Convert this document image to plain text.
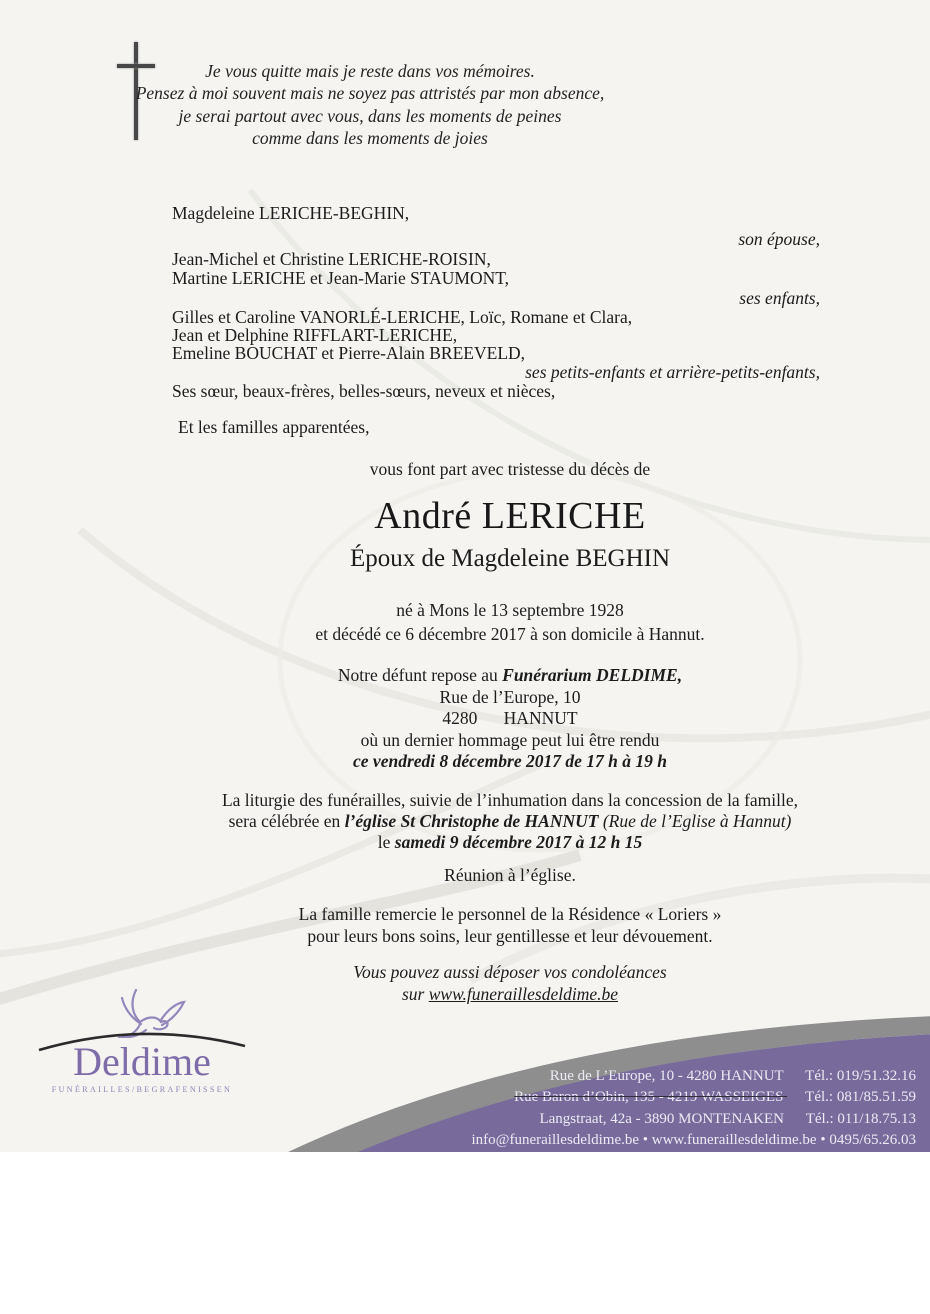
Je vous quitte mais je reste dans vos mémoires.
Pensez à moi souvent mais ne soyez pas attristés par mon absence,
je serai partout avec vous, dans les moments de peines
comme dans les moments de joies
Magdeleine LERICHE-BEGHIN,
son épouse,
Jean-Michel et Christine LERICHE-ROISIN,
Martine LERICHE et Jean-Marie STAUMONT,
ses enfants,
Gilles et Caroline VANORLÉ-LERICHE, Loïc, Romane et Clara,
Jean et Delphine RIFFLART-LERICHE,
Emeline BOUCHAT et Pierre-Alain BREEVELD,
ses petits-enfants et arrière-petits-enfants,
Ses sœur, beaux-frères, belles-sœurs, neveux et nièces,
Et les familles apparentées,
vous font part avec tristesse du décès de
André LERICHE
Époux de Magdeleine BEGHIN
né à Mons le 13 septembre 1928
et décédé ce 6 décembre 2017 à son domicile à Hannut.
Notre défunt repose au Funérarium DELDIME,
Rue de l’Europe, 10
4280      HANNUT
où un dernier hommage peut lui être rendu
ce vendredi 8 décembre 2017 de 17 h à 19 h
La liturgie des funérailles, suivie de l’inhumation dans la concession de la famille,
sera célébrée en l’église St Christophe de HANNUT (Rue de l’Eglise à Hannut)
le samedi 9 décembre 2017 à 12 h 15
Réunion à l’église.
La famille remercie le personnel de la Résidence « Loriers »
pour leurs bons soins, leur gentillesse et leur dévouement.
Vous pouvez aussi déposer vos condoléances
sur www.funeraillesdeldime.be
Deldime
FUNÉRAILLES/BEGRAFENISSEN
Rue de L’Europe, 10 - 4280 HANNUT Tél.: 019/51.32.16
Rue Baron d’Obin, 135 - 4219 WASSEIGES Tél.: 081/85.51.59
Langstraat, 42a - 3890 MONTENAKEN Tél.: 011/18.75.13
info@funeraillesdeldime.be • www.funeraillesdeldime.be • 0495/65.26.03
